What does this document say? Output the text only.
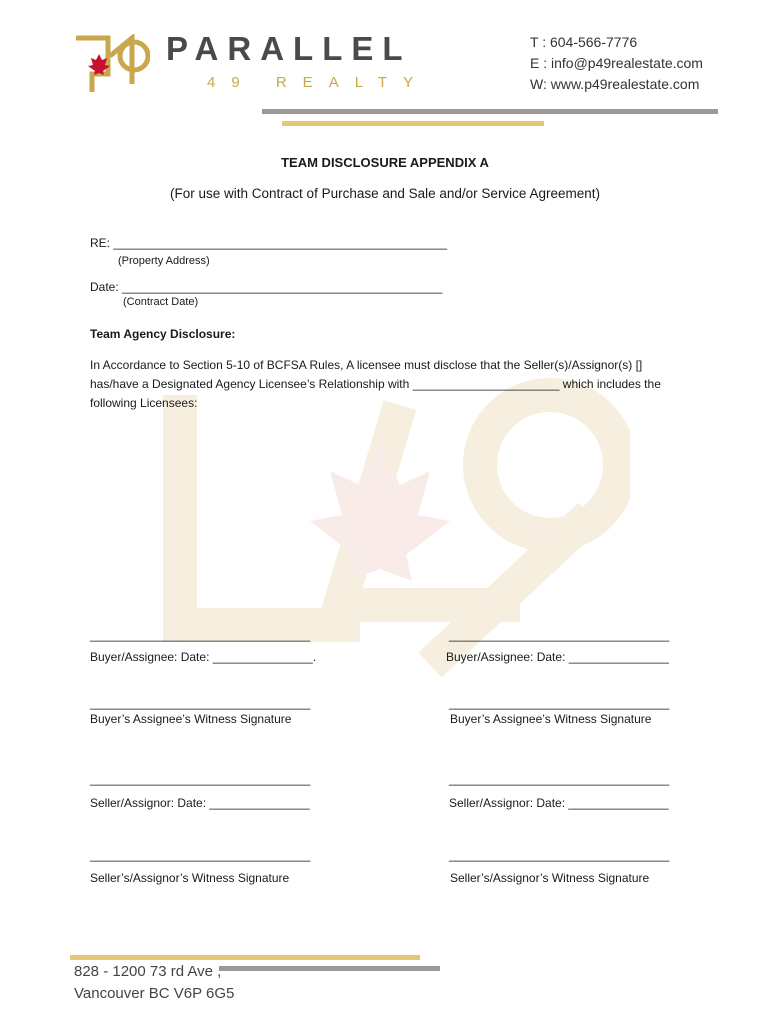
PARALLEL
49 REALTY
T : 604-566-7776
E : info@p49realestate.com
W: www.p49realestate.com
TEAM DISCLOSURE APPENDIX A
(For use with Contract of Purchase and Sale and/or Service Agreement)
RE: __________________________________________________
(Property Address)
Date: ________________________________________________
(Contract Date)
Team Agency Disclosure:
In Accordance to Section 5-10 of BCFSA Rules, A licensee must disclose that the Seller(s)/Assignor(s) [] has/have a Designated Agency Licensee’s Relationship with ______________________ which includes the following Licensees:
_________________________________	_________________________________
Buyer/Assignee: Date: _______________.	Buyer/Assignee: Date: _______________
_________________________________	_________________________________
Buyer’s Assignee’s Witness Signature	Buyer’s Assignee’s Witness Signature
_________________________________	_________________________________
Seller/Assignor: Date: _______________	Seller/Assignor: Date: _______________
_________________________________	_________________________________
Seller’s/Assignor’s Witness Signature	Seller’s/Assignor’s Witness Signature
828 - 1200 73 rd Ave ,
Vancouver BC V6P 6G5
